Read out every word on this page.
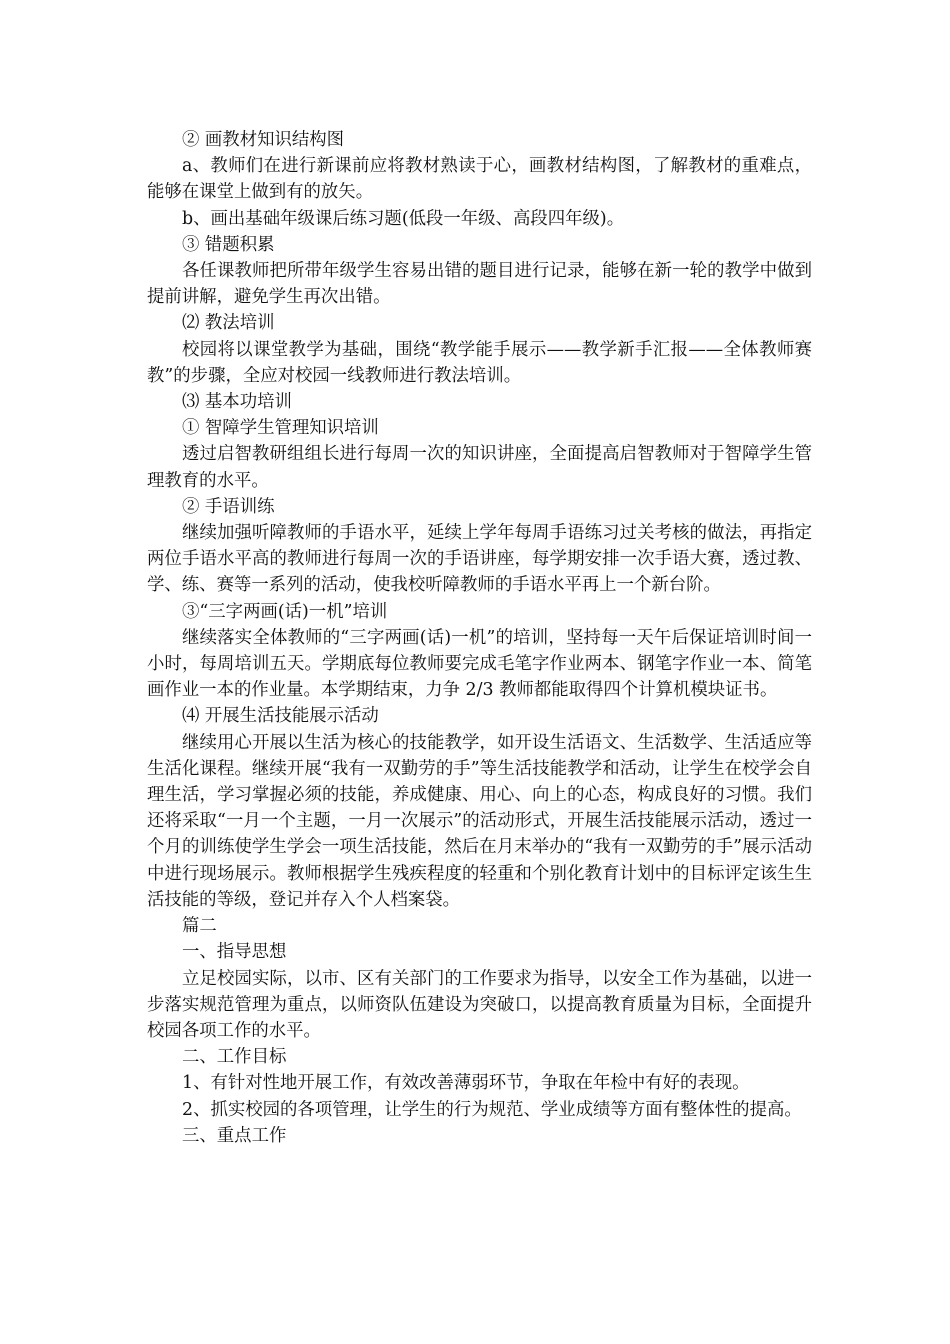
② 画教材知识结构图

a、教师们在进行新课前应将教材熟读于心，画教材结构图，了解教材的重难点，能够在课堂上做到有的放矢。

b、画出基础年级课后练习题(低段一年级、高段四年级)。

③ 错题积累

各任课教师把所带年级学生容易出错的题目进行记录，能够在新一轮的教学中做到提前讲解，避免学生再次出错。

⑵ 教法培训

校园将以课堂教学为基础，围绕“教学能手展示——教学新手汇报——全体教师赛教”的步骤，全应对校园一线教师进行教法培训。

⑶ 基本功培训

① 智障学生管理知识培训

透过启智教研组组长进行每周一次的知识讲座，全面提高启智教师对于智障学生管理教育的水平。

② 手语训练

继续加强听障教师的手语水平，延续上学年每周手语练习过关考核的做法，再指定两位手语水平高的教师进行每周一次的手语讲座，每学期安排一次手语大赛，透过教、学、练、赛等一系列的活动，使我校听障教师的手语水平再上一个新台阶。

③“三字两画(话)一机”培训

继续落实全体教师的“三字两画(话)一机”的培训，坚持每一天午后保证培训时间一小时，每周培训五天。学期底每位教师要完成毛笔字作业两本、钢笔字作业一本、简笔画作业一本的作业量。本学期结束，力争 2/3 教师都能取得四个计算机模块证书。

⑷ 开展生活技能展示活动

继续用心开展以生活为核心的技能教学，如开设生活语文、生活数学、生活适应等生活化课程。继续开展“我有一双勤劳的手”等生活技能教学和活动，让学生在校学会自理生活，学习掌握必须的技能，养成健康、用心、向上的心态，构成良好的习惯。我们还将采取“一月一个主题，一月一次展示”的活动形式，开展生活技能展示活动，透过一个月的训练使学生学会一项生活技能，然后在月末举办的“我有一双勤劳的手”展示活动中进行现场展示。教师根据学生残疾程度的轻重和个别化教育计划中的目标评定该生生活技能的等级，登记并存入个人档案袋。

篇二

一、指导思想

立足校园实际，以市、区有关部门的工作要求为指导，以安全工作为基础，以进一步落实规范管理为重点，以师资队伍建设为突破口，以提高教育质量为目标，全面提升校园各项工作的水平。

二、工作目标

1、有针对性地开展工作，有效改善薄弱环节，争取在年检中有好的表现。

2、抓实校园的各项管理，让学生的行为规范、学业成绩等方面有整体性的提高。

三、重点工作
